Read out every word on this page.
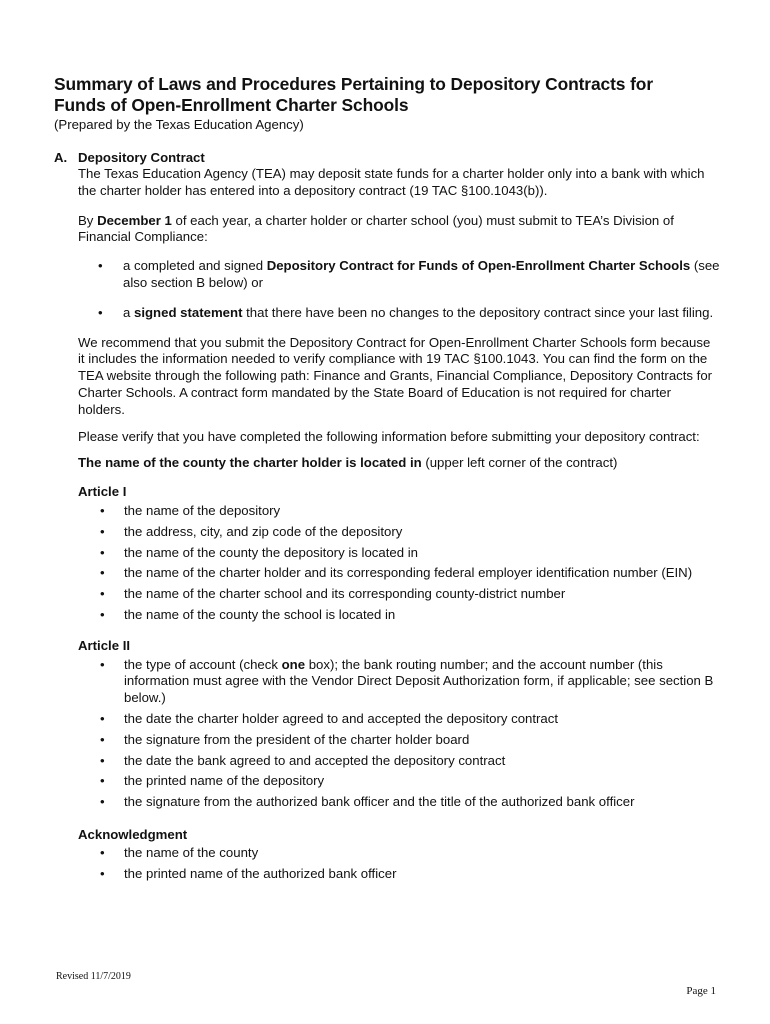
Summary of Laws and Procedures Pertaining to Depository Contracts for
Funds of Open-Enrollment Charter Schools
(Prepared by the Texas Education Agency)
A. Depository Contract

The Texas Education Agency (TEA) may deposit state funds for a charter holder only into a bank with which the charter holder has entered into a depository contract (19 TAC §100.1043(b)).

By December 1 of each year, a charter holder or charter school (you) must submit to TEA’s Division of Financial Compliance:

• a completed and signed Depository Contract for Funds of Open-Enrollment Charter Schools (see also section B below) or
• a signed statement that there have been no changes to the depository contract since your last filing.

We recommend that you submit the Depository Contract for Open-Enrollment Charter Schools form because it includes the information needed to verify compliance with 19 TAC §100.1043. You can find the form on the TEA website through the following path: Finance and Grants, Financial Compliance, Depository Contracts for Charter Schools. A contract form mandated by the State Board of Education is not required for charter holders.

Please verify that you have completed the following information before submitting your depository contract:

The name of the county the charter holder is located in (upper left corner of the contract)

Article I
• the name of the depository
• the address, city, and zip code of the depository
• the name of the county the depository is located in
• the name of the charter holder and its corresponding federal employer identification number (EIN)
• the name of the charter school and its corresponding county-district number
• the name of the county the school is located in
Article II
• the type of account (check one box); the bank routing number; and the account number (this information must agree with the Vendor Direct Deposit Authorization form, if applicable; see section B below.)
• the date the charter holder agreed to and accepted the depository contract
• the signature from the president of the charter holder board
• the date the bank agreed to and accepted the depository contract
• the printed name of the depository
• the signature from the authorized bank officer and the title of the authorized bank officer
Acknowledgment
• the name of the county
• the printed name of the authorized bank officer
Revised 11/7/2019
Page 1
